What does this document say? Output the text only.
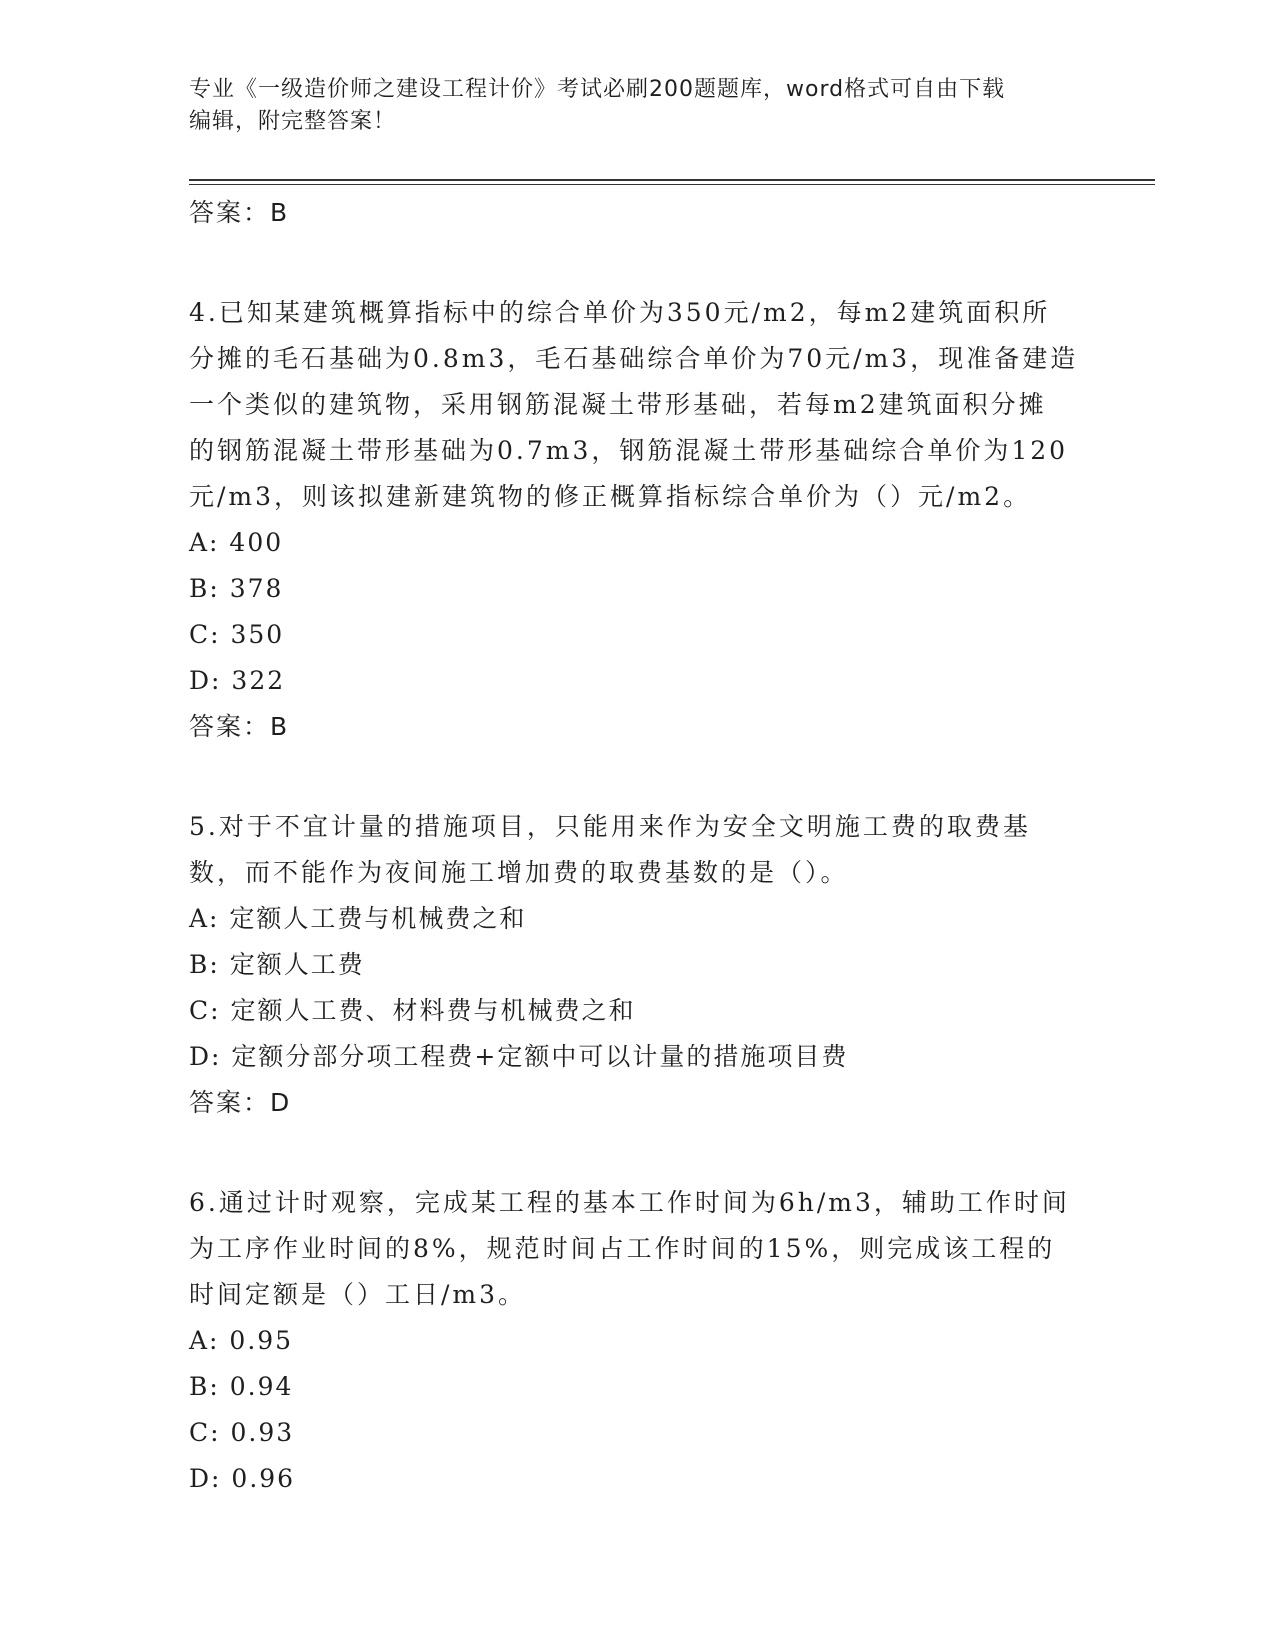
专业《一级造价师之建设工程计价》考试必刷200题题库，word格式可自由下载
编辑，附完整答案！
答案：B
4.已知某建筑概算指标中的综合单价为350元/m2，每m2建筑面积所
分摊的毛石基础为0.8m3，毛石基础综合单价为70元/m3，现准备建造
一个类似的建筑物，采用钢筋混凝土带形基础，若每m2建筑面积分摊
的钢筋混凝土带形基础为0.7m3，钢筋混凝土带形基础综合单价为120
元/m3，则该拟建新建筑物的修正概算指标综合单价为（）元/m2。
A: 400
B: 378
C: 350
D: 322
答案：B
5.对于不宜计量的措施项目，只能用来作为安全文明施工费的取费基
数，而不能作为夜间施工增加费的取费基数的是（）。
A: 定额人工费与机械费之和
B: 定额人工费
C: 定额人工费、材料费与机械费之和
D: 定额分部分项工程费+定额中可以计量的措施项目费
答案：D
6.通过计时观察，完成某工程的基本工作时间为6h/m3，辅助工作时间
为工序作业时间的8%，规范时间占工作时间的15%，则完成该工程的
时间定额是（）工日/m3。
A: 0.95
B: 0.94
C: 0.93
D: 0.96
